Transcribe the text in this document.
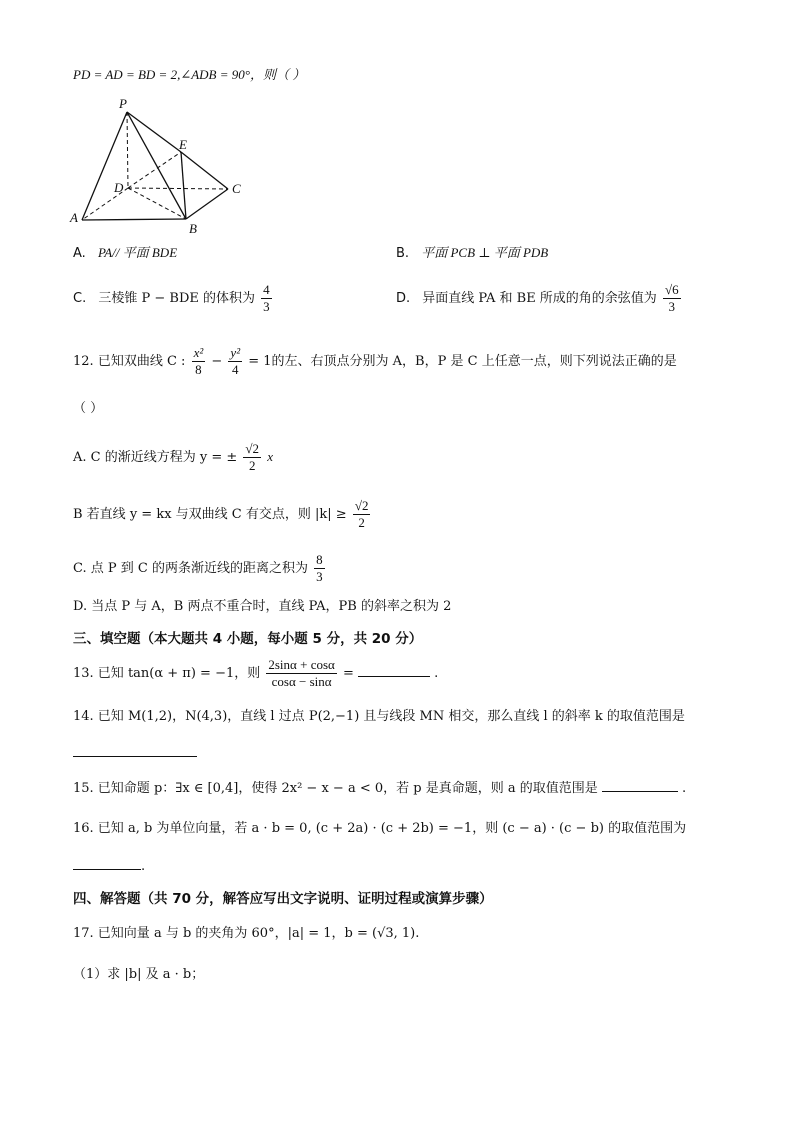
PD = AD = BD = 2,∠ADB = 90°，则（ ）
P
E
D	C
A
B
A. PA// 平面 BDE	B. 平面 PCB ⊥ 平面 PDB
C. 三棱锥 P − BDE 的体积为 $\frac{4}{3}$	D. 异面直线 PA 和 BE 所成的角的余弦值为 $\frac{√6}{3}$
12. 已知双曲线 C : $\frac{\text{x²}}{8} - \frac{\text{y²}}{4} = 1$的左、右顶点分别为 A，B，P 是 C 上任意一点，则下列说法正确的是
（ ）
A. C 的渐近线方程为 y = ± $\frac{√2}{2}$ x
B 若直线 y = kx 与双曲线 C 有交点，则 $|k| \ge \frac{√2}{2}$
C. 点 P 到 C 的两条渐近线的距离之积为 $\frac{8}{3}$
D. 当点 P 与 A，B 两点不重合时，直线 PA，PB 的斜率之积为 2
三、填空题（本大题共 4 小题，每小题 5 分，共 20 分）
13. 已知 tan(α + π) = −1，则 $\frac{2\sin\alpha + \cos\alpha}{\cos\alpha - \sin\alpha}$ =	.
14. 已知 M(1,2)，N(4,3)，直线 l 过点 P(2,−1) 且与线段 MN 相交，那么直线 l 的斜率 k 的取值范围是
15. 已知命题 p：∃x ∈ [0,4]，使得 2x² − x − a < 0，若 p 是真命题，则 a 的取值范围是	.
16. 已知 a, b 为单位向量，若 a · b = 0, (c + 2a) · (c + 2b) = −1，则 (c − a) · (c − b) 的取值范围为
.
四、解答题（共 70 分，解答应写出文字说明、证明过程或演算步骤）
17. 已知向量 a 与 b 的夹角为 60°，|a| = 1，b = (√3, 1).
（1）求 |b| 及 a · b；
